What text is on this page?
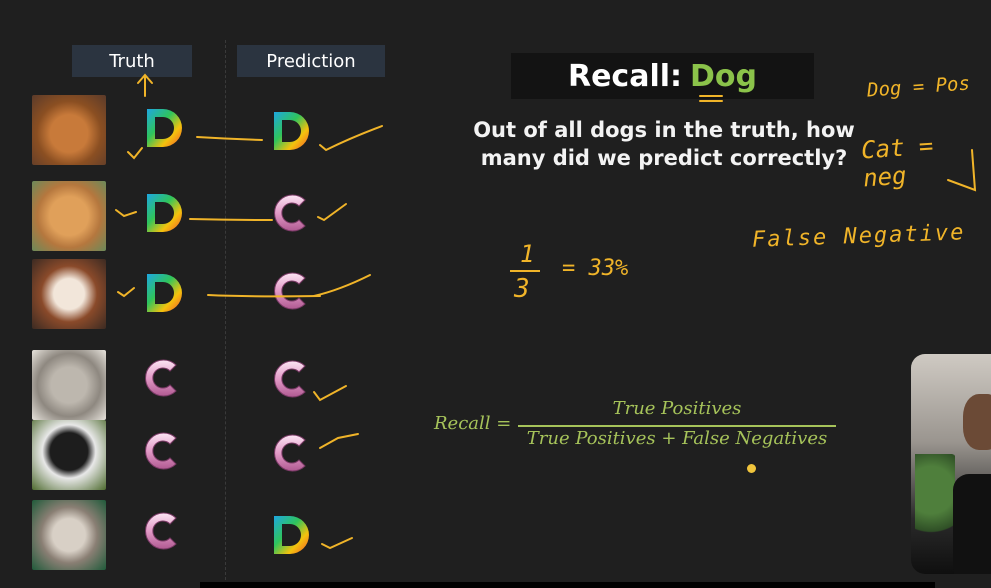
Truth	Prediction	Recall: Dog
Out of all dogs in the truth, how
many did we predict correctly?
Dog = Pos
Cat = neg
False Negative
1
3
= 33%
Recall =
True Positives
True Positives + False Negatives
